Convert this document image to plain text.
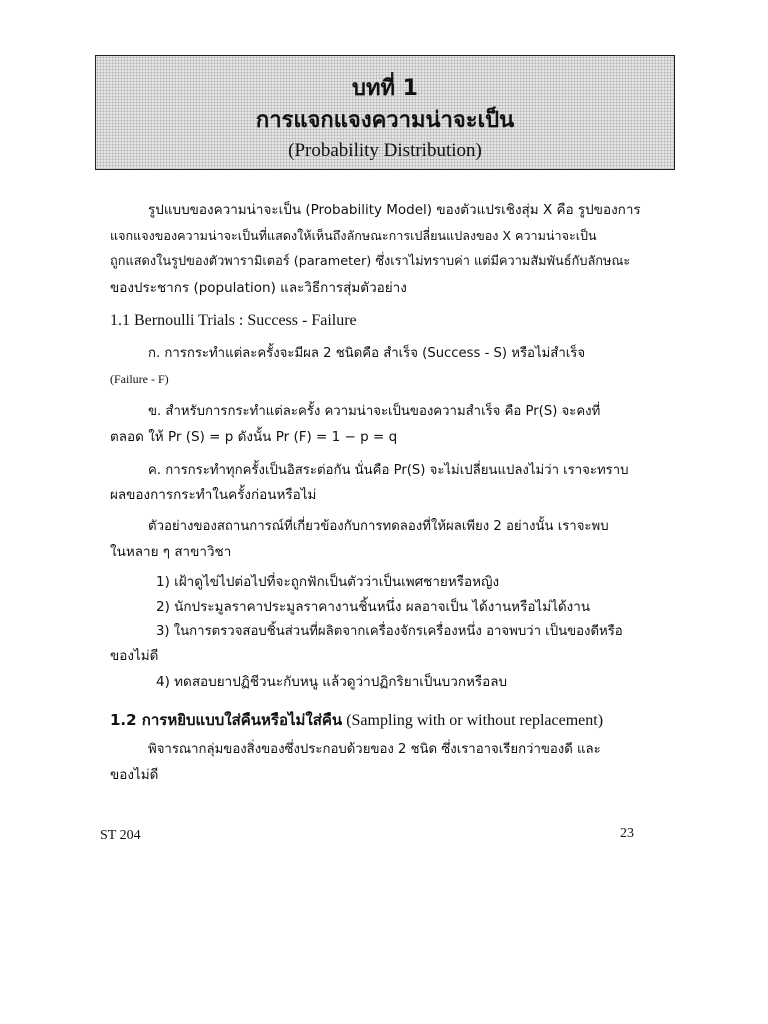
บทที่ 1
การแจกแจงความน่าจะเป็น
(Probability Distribution)
รูปแบบของความน่าจะเป็น (Probability Model) ของตัวแปรเชิงสุ่ม X คือ รูปของการ
แจกแจงของความน่าจะเป็นที่แสดงให้เห็นถึงลักษณะการเปลี่ยนแปลงของ X ความน่าจะเป็น
ถูกแสดงในรูปของตัวพารามิเตอร์ (parameter) ซึ่งเราไม่ทราบค่า แต่มีความสัมพันธ์กับลักษณะ
ของประชากร (population) และวิธีการสุ่มตัวอย่าง
1.1 Bernoulli Trials : Success - Failure
ก. การกระทำแต่ละครั้งจะมีผล 2 ชนิดคือ สำเร็จ (Success - S) หรือไม่สำเร็จ
(Failure - F)
ข. สำหรับการกระทำแต่ละครั้ง ความน่าจะเป็นของความสำเร็จ คือ Pr(S) จะคงที่
ตลอด ให้ Pr (S) = p ดังนั้น Pr (F) = 1 − p = q
ค. การกระทำทุกครั้งเป็นอิสระต่อกัน นั่นคือ Pr(S) จะไม่เปลี่ยนแปลงไม่ว่า เราจะทราบ
ผลของการกระทำในครั้งก่อนหรือไม่
ตัวอย่างของสถานการณ์ที่เกี่ยวข้องกับการทดลองที่ให้ผลเพียง 2 อย่างนั้น เราจะพบ
ในหลาย ๆ สาขาวิชา
1) เฝ้าดูไข่ไปต่อไปที่จะถูกฟักเป็นตัวว่าเป็นเพศชายหรือหญิง
2) นักประมูลราคาประมูลราคางานชิ้นหนึ่ง ผลอาจเป็น ได้งานหรือไม่ได้งาน
3) ในการตรวจสอบชิ้นส่วนที่ผลิตจากเครื่องจักรเครื่องหนึ่ง อาจพบว่า เป็นของดีหรือ
ของไม่ดี
4) ทดสอบยาปฏิชีวนะกับหนู แล้วดูว่าปฏิกริยาเป็นบวกหรือลบ
1.2 การหยิบแบบใส่คืนหรือไม่ใส่คืน (Sampling with or without replacement)
พิจารณากลุ่มของสิ่งของซึ่งประกอบด้วยของ 2 ชนิด ซึ่งเราอาจเรียกว่าของดี และ
ของไม่ดี
ST 204	23
